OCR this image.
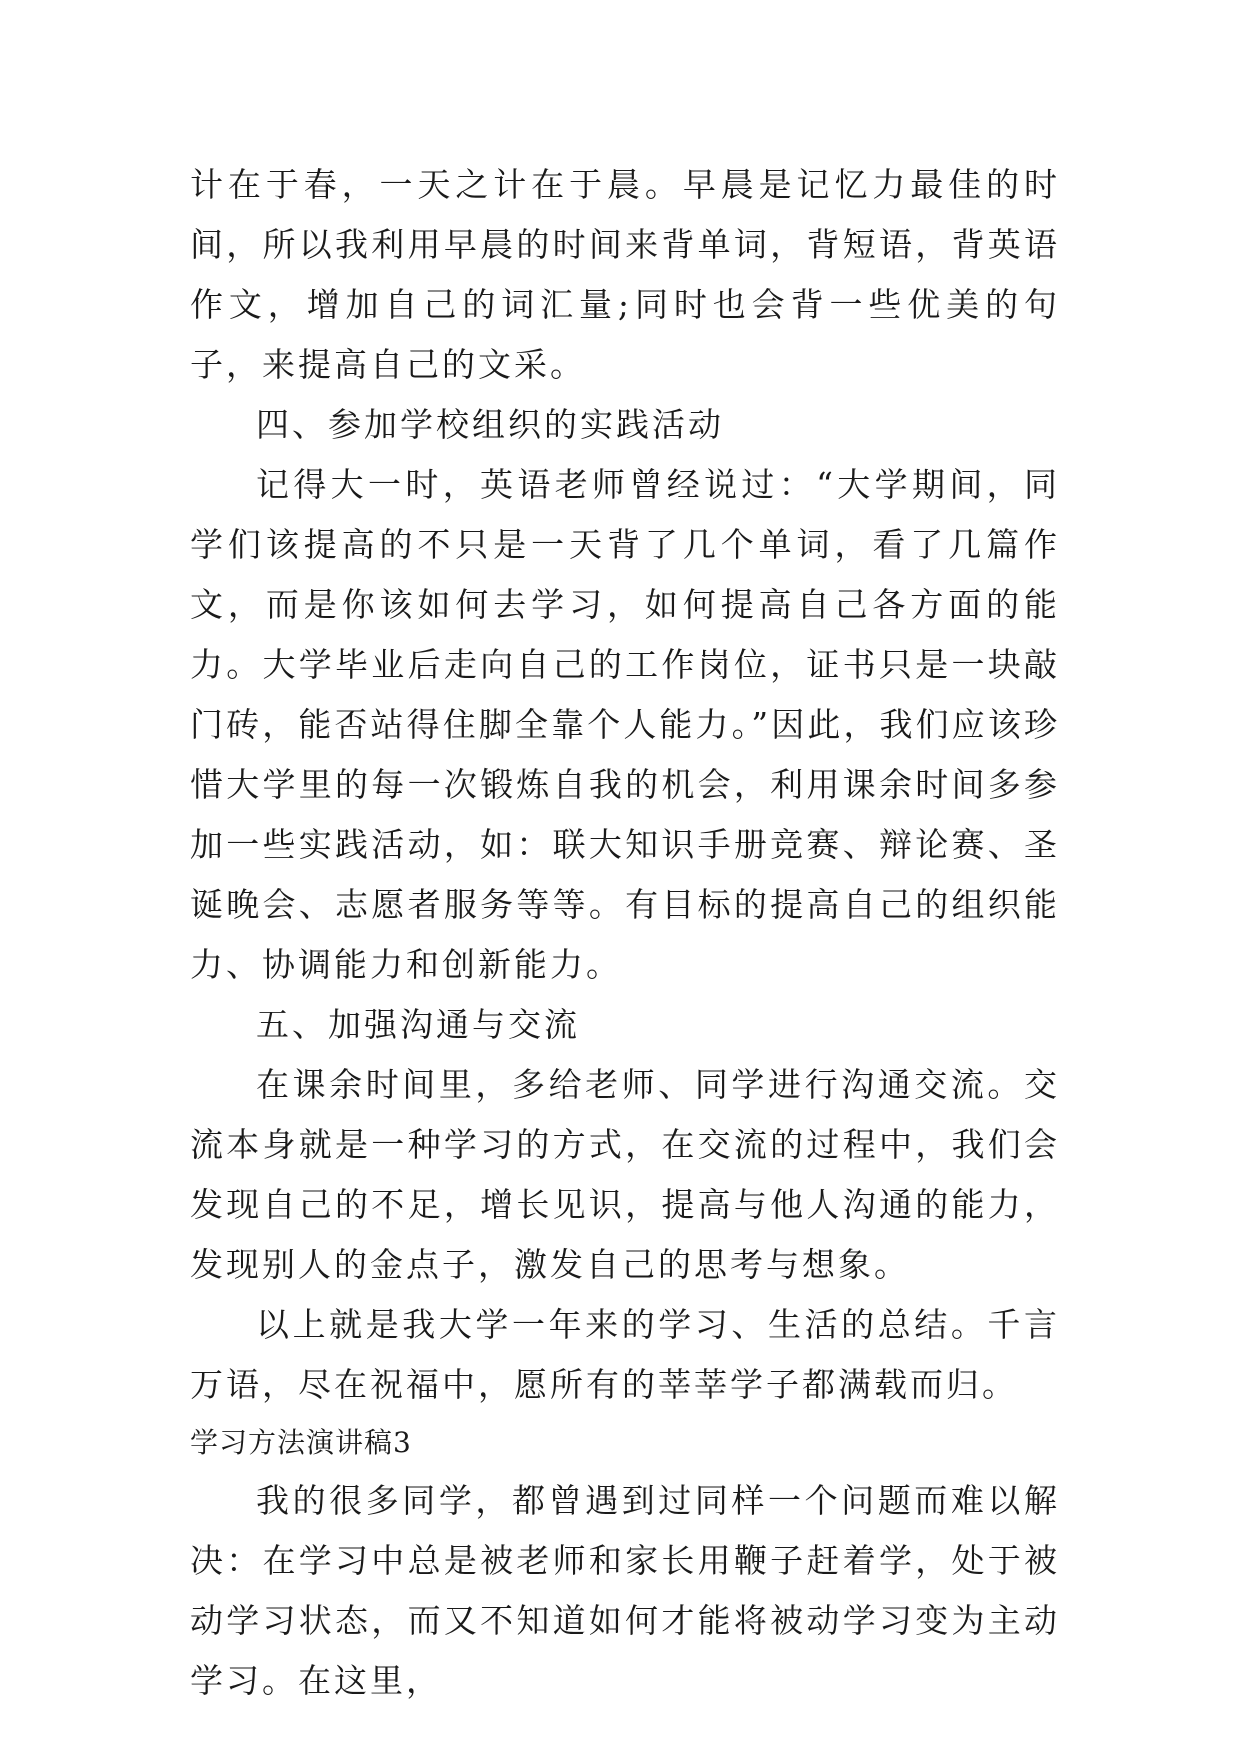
计在于春，一天之计在于晨。早晨是记忆力最佳的时间，所以我利用早晨的时间来背单词，背短语，背英语作文，增加自己的词汇量;同时也会背一些优美的句子，来提高自己的文采。

四、参加学校组织的实践活动

记得大一时，英语老师曾经说过：“大学期间，同学们该提高的不只是一天背了几个单词，看了几篇作文，而是你该如何去学习，如何提高自己各方面的能力。大学毕业后走向自己的工作岗位，证书只是一块敲门砖，能否站得住脚全靠个人能力。”因此，我们应该珍惜大学里的每一次锻炼自我的机会，利用课余时间多参加一些实践活动，如：联大知识手册竞赛、辩论赛、圣诞晚会、志愿者服务等等。有目标的提高自己的组织能力、协调能力和创新能力。

五、加强沟通与交流

在课余时间里，多给老师、同学进行沟通交流。交流本身就是一种学习的方式，在交流的过程中，我们会发现自己的不足，增长见识，提高与他人沟通的能力，发现别人的金点子，激发自己的思考与想象。

以上就是我大学一年来的学习、生活的总结。千言万语，尽在祝福中，愿所有的莘莘学子都满载而归。

学习方法演讲稿3

我的很多同学，都曾遇到过同样一个问题而难以解决：在学习中总是被老师和家长用鞭子赶着学，处于被动学习状态，而又不知道如何才能将被动学习变为主动学习。在这里，
